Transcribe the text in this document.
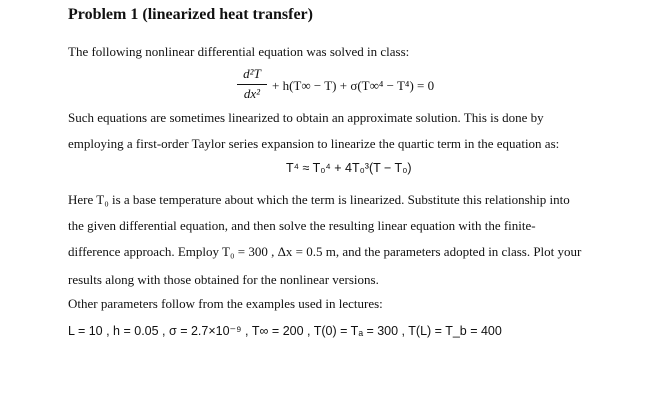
Problem 1 (linearized heat transfer)
The following nonlinear differential equation was solved in class:
d²T
dx²
+ h(T∞ − T) + σ(T∞⁴ − T⁴) = 0
Such equations are sometimes linearized to obtain an approximate solution. This is done by
employing a first-order Taylor series expansion to linearize the quartic term in the equation as:
T⁴ ≈ T₀⁴ + 4T₀³(T − T₀)
Here T₀ is a base temperature about which the term is linearized. Substitute this relationship into
the given differential equation, and then solve the resulting linear equation with the finite-
difference approach. Employ T₀ = 300 , Δx = 0.5 m, and the parameters adopted in class. Plot your
results along with those obtained for the nonlinear versions.
Other parameters follow from the examples used in lectures:
L = 10 , h = 0.05 , σ = 2.7×10⁻⁹ , T∞ = 200 , T(0) = Tₐ = 300 , T(L) = T_b = 400
